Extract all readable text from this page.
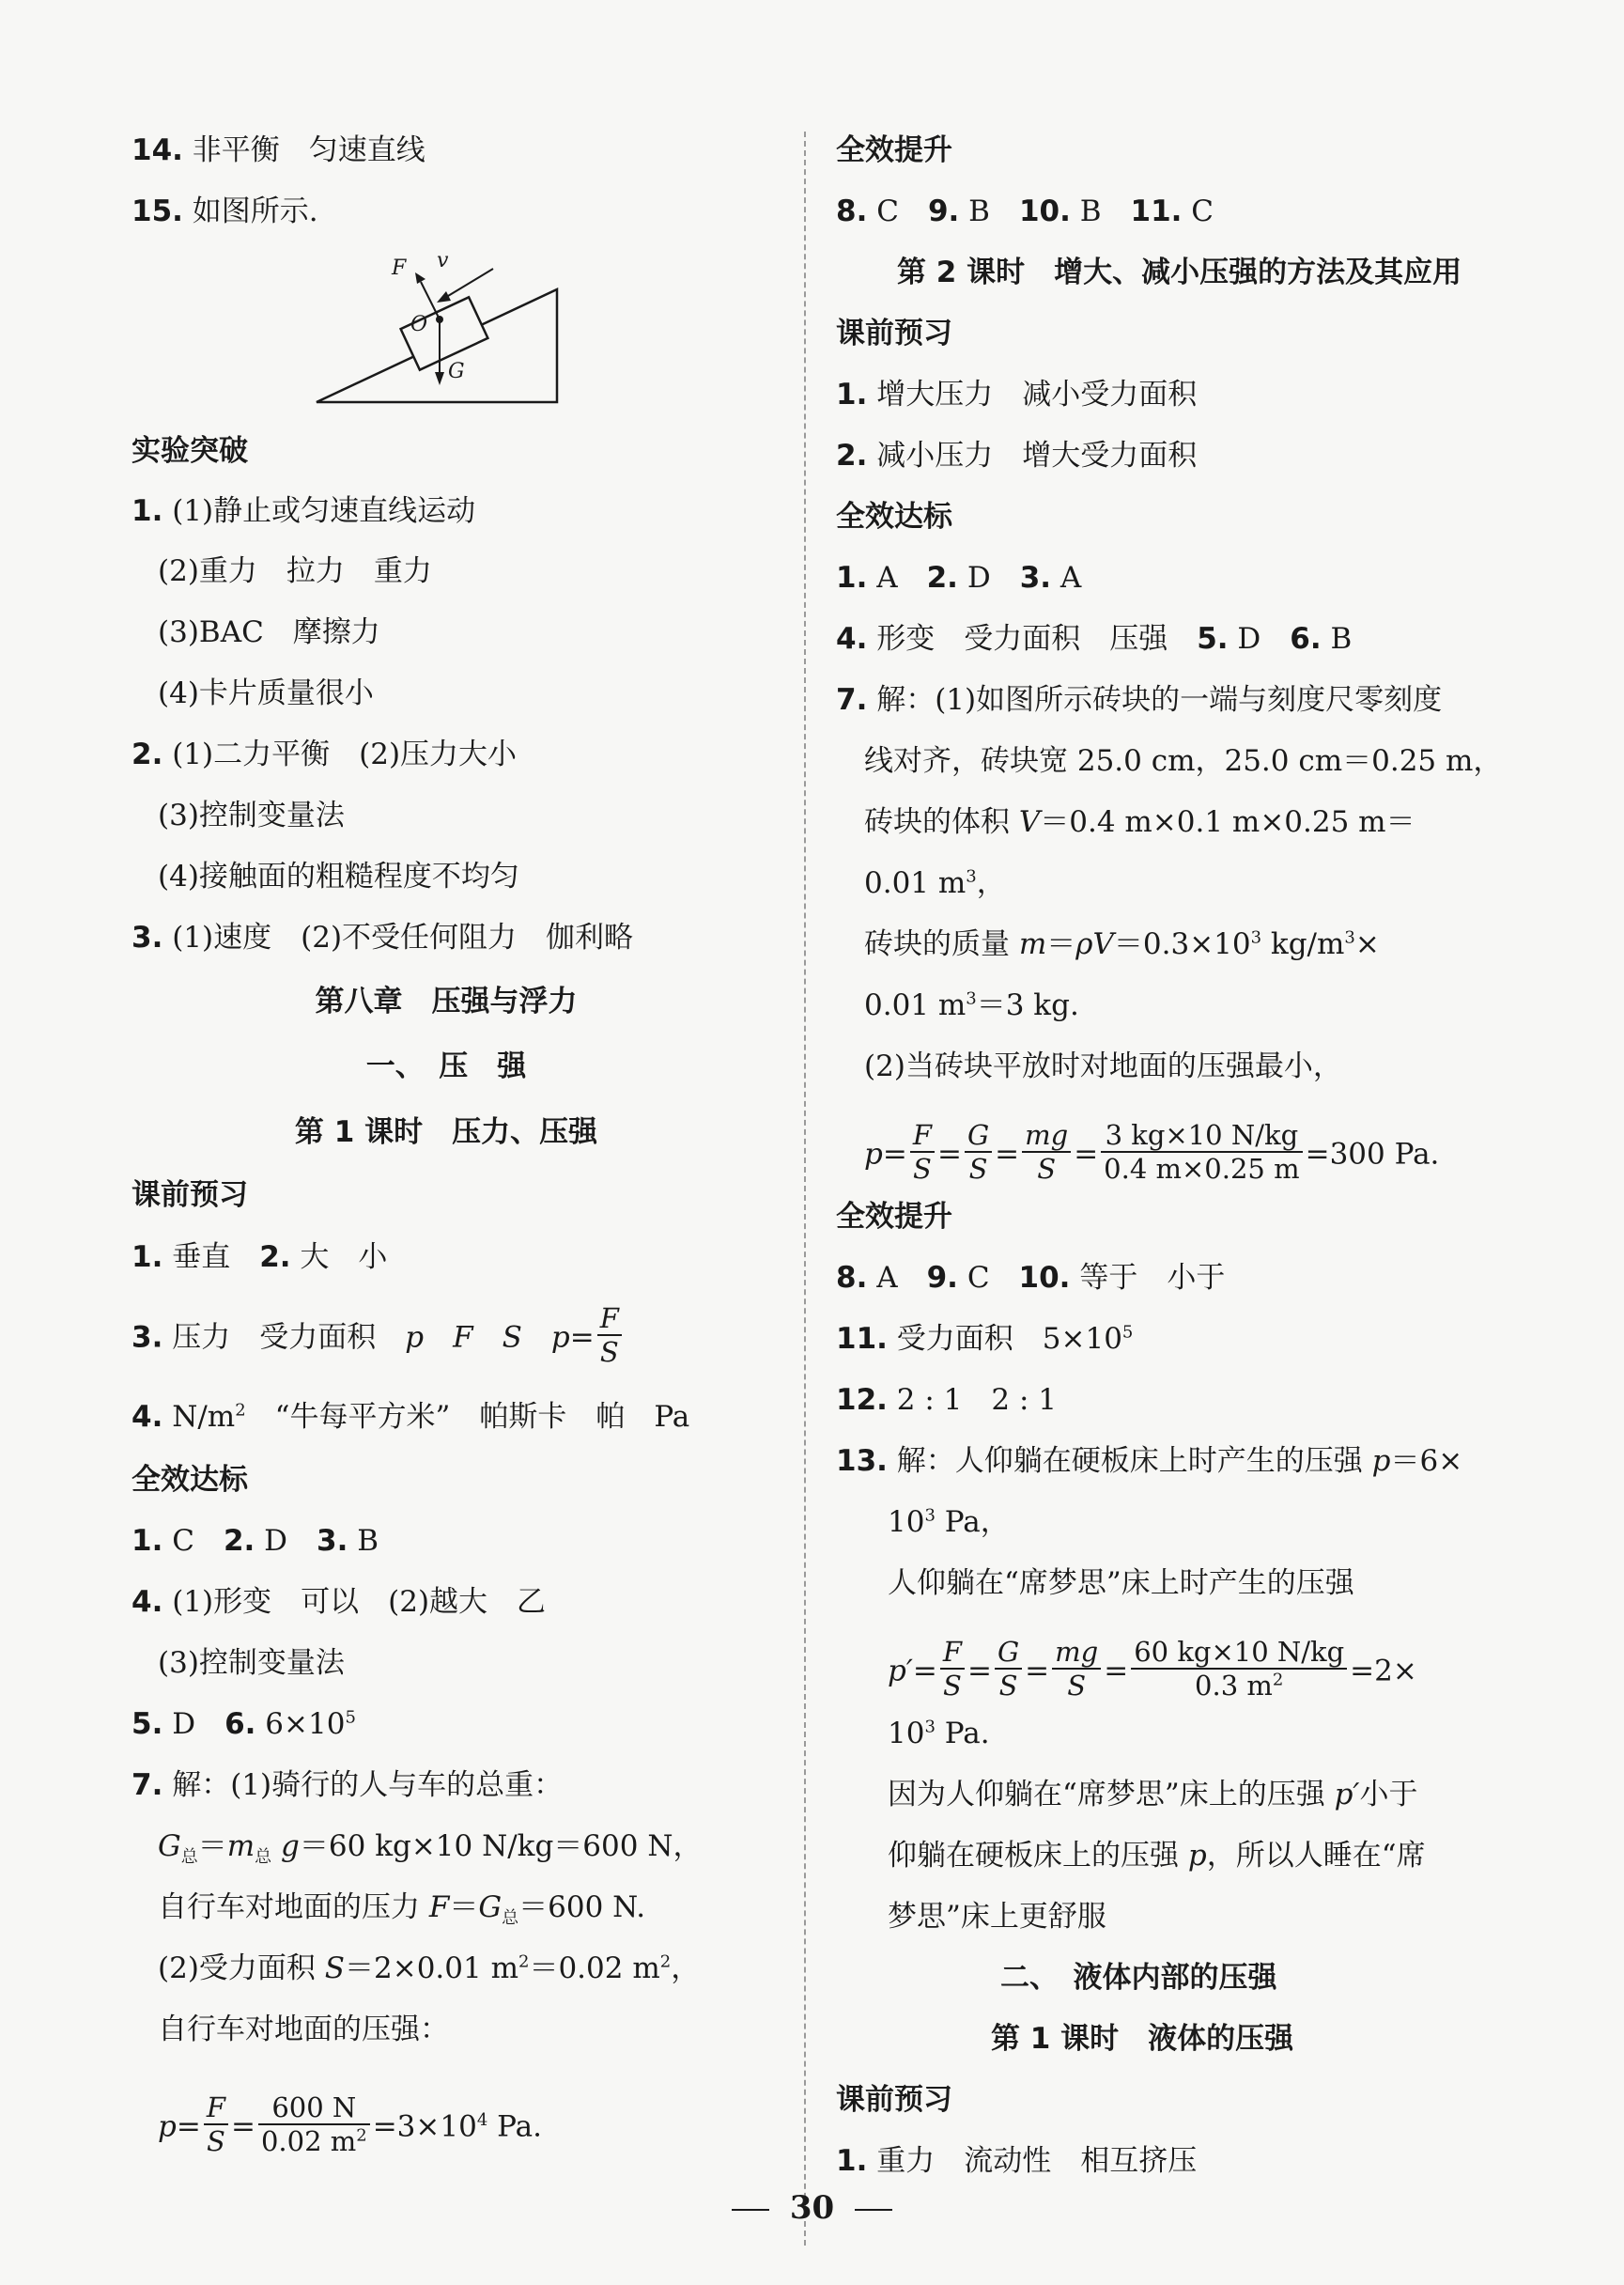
14. 非平衡　匀速直线
15. 如图所示.
F v
O
G
实验突破
1. (1)静止或匀速直线运动
(2)重力　拉力　重力
(3)BAC　摩擦力
(4)卡片质量很小
2. (1)二力平衡　(2)压力大小
(3)控制变量法
(4)接触面的粗糙程度不均匀
3. (1)速度　(2)不受任何阻力　伽利略
第八章　压强与浮力
一、　压　强
第 1 课时　压力、压强
课前预习
1. 垂直　2. 大　小
3. 压力　受力面积　p　 F　 S　 $p= \frac{F}{S}$
4. $N/m^2$　“牛每平方米”　帕斯卡　帕　Pa
全效达标
1. C　2. D　3. B
4. (1)形变　可以　(2)越大　乙
(3)控制变量法
5. D　6. $6\times 10^5$
7. 解：(1)骑行的人与车的总重：
$G_总=m_总$ g＝60 kg×10 N/kg＝600 N，
自行车对地面的压力 $F=G_总=600$ N.
(2)受力面积 S＝2×0.01 $m^2=0.02$ $m^2$，
自行车对地面的压强：
$p= \frac{F}{S} = \frac{600 N}{0.02 m^2} =3\times 10^4$ Pa.
全效提升
8. C　9. B　10. B　11. C
第 2 课时　增大、减小压强的方法及其应用
课前预习
1. 增大压力　减小受力面积
2. 减小压力　增大受力面积
全效达标
1. A　2. D　3. A
4. 形变　受力面积　压强　5. D　6. B
7. 解：(1)如图所示砖块的一端与刻度尺零刻度
线对齐，砖块宽 25.0 cm，25.0 cm＝0.25 m，
砖块的体积 V＝0.4 m×0.1 m×0.25 m＝
0.01 $m^3$，
砖块的质量 $m=\rho V=0.3\times 10^3$ $kg/m^3\times$
0.01 $m^3=3$ kg.
(2)当砖块平放时对地面的压强最小，
$p= \frac{F}{S} = \frac{G}{S} = \frac{mg}{S} = \frac{3 kg\times 10 N/kg}{0.4 m\times 0.25 m} =300$ Pa.
全效提升
8. A　9. C　10. 等于　小于
11. 受力面积　$5\times 10^5$
12. 2 : 1　2 : 1
13. 解：人仰躺在硬板床上时产生的压强 p＝6×
$10^3$ Pa，
人仰躺在“席梦思”床上时产生的压强
$p'= \frac{F}{S} = \frac{G}{S} = \frac{mg}{S} = \frac{60 kg\times 10 N/kg}{0.3 m^2} =2\times$
$10^3$ Pa.
因为人仰躺在“席梦思”床上的压强 p′小于
仰躺在硬板床上的压强 p，所以人睡在“席
梦思”床上更舒服
二、　液体内部的压强
第 1 课时　液体的压强
课前预习
1. 重力　流动性　相互挤压
30
